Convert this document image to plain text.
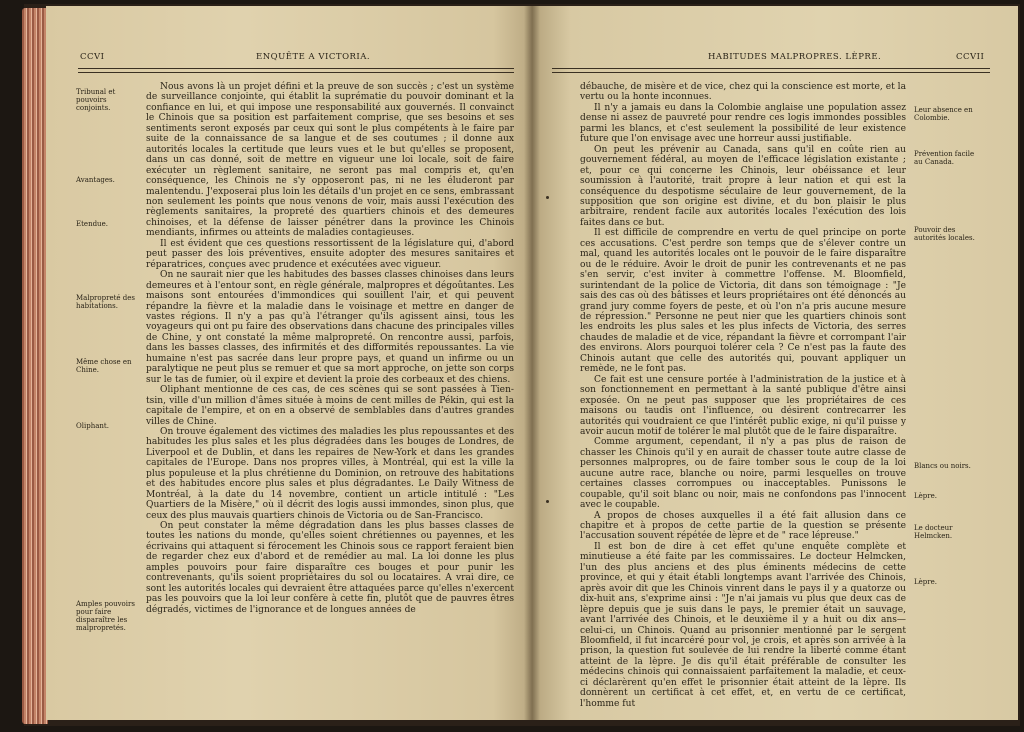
CCVI	ENQUÊTE A VICTORIA.
Tribunal et pouvoirs conjoints.
Avantages.
Etendue.
Malpropreté des habitations.
Même chose en Chine.
Oliphant.
Amples pouvoirs pour faire disparaître les malpropretés.

Nous avons là un projet défini et la preuve de son succès ; c'est un système de surveillance conjointe, qui établit la suprématie du pouvoir dominant et la confiance en lui, et qui impose une responsabilité aux gouvernés. Il convainct le Chinois que sa position est parfaitement comprise, que ses besoins et ses sentiments seront exposés par ceux qui sont le plus compétents à le faire par suite de la connaissance de sa langue et de ses coutumes ; il donne aux autorités locales la certitude que leurs vues et le but qu'elles se proposent, dans un cas donné, soit de mettre en vigueur une loi locale, soit de faire exécuter un règlement sanitaire, ne seront pas mal compris et, qu'en conséquence, les Chinois ne s'y opposeront pas, ni ne les éluderont par malentendu. J'exposerai plus loin les détails d'un projet en ce sens, embrassant non seulement les points que nous venons de voir, mais aussi l'exécution des règlements sanitaires, la propreté des quartiers chinois et des demeures chinoises, et la défense de laisser pénétrer dans la province les Chinois mendiants, infirmes ou atteints de maladies contagieuses.

Il est évident que ces questions ressortissent de la législature qui, d'abord peut passer des lois préventives, ensuite adopter des mesures sanitaires et réparatrices, conçues avec prudence et exécutées avec vigueur.

On ne saurait nier que les habitudes des basses classes chinoises dans leurs demeures et à l'entour sont, en règle générale, malpropres et dégoûtantes. Les maisons sont entourées d'immondices qui souillent l'air, et qui peuvent répandre la fièvre et la maladie dans le voisinage et mettre en danger de vastes régions. Il n'y a pas qu'à l'étranger qu'ils agissent ainsi, tous les voyageurs qui ont pu faire des observations dans chacune des principales villes de Chine, y ont constaté la même malpropreté. On rencontre aussi, parfois, dans les basses classes, des infirmités et des difformités repoussantes. La vie humaine n'est pas sacrée dans leur propre pays, et quand un infirme ou un paralytique ne peut plus se remuer et que sa mort approche, on jette son corps sur le tas de fumier, où il expire et devient la proie des corbeaux et des chiens.

Oliphant mentionne de ces cas, de ces scènes qui se sont passées à Tien-tsin, ville d'un million d'âmes située à moins de cent milles de Pékin, qui est la capitale de l'empire, et on en a observé de semblables dans d'autres grandes villes de Chine.

On trouve également des victimes des maladies les plus repoussantes et des habitudes les plus sales et les plus dégradées dans les bouges de Londres, de Liverpool et de Dublin, et dans les repaires de New-York et dans les grandes capitales de l'Europe. Dans nos propres villes, à Montréal, qui est la ville la plus populeuse et la plus chrétienne du Dominion, on retrouve des habitations et des habitudes encore plus sales et plus dégradantes. Le Daily Witness de Montréal, à la date du 14 novembre, contient un article intitulé : "Les Quartiers de la Misère," où il décrit des logis aussi immondes, sinon plus, que ceux des plus mauvais quartiers chinois de Victoria ou de San-Francisco.

On peut constater la même dégradation dans les plus basses classes de toutes les nations du monde, qu'elles soient chrétiennes ou payennes, et les écrivains qui attaquent si férocement les Chinois sous ce rapport feraient bien de regarder chez eux d'abord et de remédier au mal. La loi donne les plus amples pouvoirs pour faire disparaître ces bouges et pour punir les contrevenants, qu'ils soient propriétaires du sol ou locataires. A vrai dire, ce sont les autorités locales qui devraient être attaquées parce qu'elles n'exercent pas les pouvoirs que la loi leur confère à cette fin, plutôt que de pauvres êtres dégradés, victimes de l'ignorance et de longues années de

HABITUDES MALPROPRES. LÈPRE.	CCVII

débauche, de misère et de vice, chez qui la conscience est morte, et la vertu ou la honte inconnues.

Il n'y a jamais eu dans la Colombie anglaise une population assez dense ni assez de pauvreté pour rendre ces logis immondes possibles parmi les blancs, et c'est seulement la possibilité de leur existence future que l'on envisage avec une horreur aussi justifiable.

On peut les prévenir au Canada, sans qu'il en coûte rien au gouvernement fédéral, au moyen de l'efficace législation existante ; et, pour ce qui concerne les Chinois, leur obéissance et leur soumission à l'autorité, trait propre à leur nation et qui est la conséquence du despotisme séculaire de leur gouvernement, de la supposition que son origine est divine, et du bon plaisir le plus arbitraire, rendent facile aux autorités locales l'exécution des lois faites dans ce but.

Il est difficile de comprendre en vertu de quel principe on porte ces accusations. C'est perdre son temps que de s'élever contre un mal, quand les autorités locales ont le pouvoir de le faire disparaître ou de le réduire. Avoir le droit de punir les contrevenants et ne pas s'en servir, c'est inviter à commettre l'offense. M. Bloomfield, surintendant de la police de Victoria, dit dans son témoignage : "Je sais des cas où des bâtisses et leurs propriétaires ont été dénoncés au grand jury comme foyers de peste, et où l'on n'a pris aucune mesure de répression." Personne ne peut nier que les quartiers chinois sont les endroits les plus sales et les plus infects de Victoria, des serres chaudes de maladie et de vice, répandant la fièvre et corrompant l'air des environs. Alors pourquoi tolérer cela ? Ce n'est pas la faute des Chinois autant que celle des autorités qui, pouvant appliquer un remède, ne le font pas.

Ce fait est une censure portée à l'administration de la justice et à son fonctionnement en permettant à la santé publique d'être ainsi exposée. On ne peut pas supposer que les propriétaires de ces maisons ou taudis ont l'influence, ou désirent contrecarrer les autorités qui voudraient ce que l'intérêt public exige, ni qu'il puisse y avoir aucun motif de tolérer le mal plutôt que de le faire disparaître.

Comme argument, cependant, il n'y a pas plus de raison de chasser les Chinois qu'il y en aurait de chasser toute autre classe de personnes malpropres, ou de faire tomber sous le coup de la loi aucune autre race, blanche ou noire, parmi lesquelles on trouve certaines classes corrompues ou inacceptables. Punissons le coupable, qu'il soit blanc ou noir, mais ne confondons pas l'innocent avec le coupable.

A propos de choses auxquelles il a été fait allusion dans ce chapitre et à propos de cette partie de la question se présente l'accusation souvent répétée de lèpre et de " race lépreuse."

Il est bon de dire à cet effet qu'une enquête complète et minutieuse a été faite par les commissaires. Le docteur Helmcken, l'un des plus anciens et des plus éminents médecins de cette province, et qui y était établi longtemps avant l'arrivée des Chinois, après avoir dit que les Chinois vinrent dans le pays il y a quatorze ou dix-huit ans, s'exprime ainsi : "Je n'ai jamais vu plus que deux cas de lèpre depuis que je suis dans le pays, le premier était un sauvage, avant l'arrivée des Chinois, et le deuxième il y a huit ou dix ans—celui-ci, un Chinois. Quand au prisonnier mentionné par le sergent Bloomfield, il fut incarcéré pour vol, je crois, et après son arrivée à la prison, la question fut soulevée de lui rendre la liberté comme étant atteint de la lèpre. Je dis qu'il était préférable de consulter les médecins chinois qui connaissaient parfaitement la maladie, et ceux-ci déclarèrent qu'en effet le prisonnier était atteint de la lèpre. Ils donnèrent un certificat à cet effet, et, en vertu de ce certificat, l'homme fut

Leur absence en Colombie.
Prévention facile au Canada.
Pouvoir des autorités locales.
Blancs ou noirs.
Lèpre.
Le docteur Helmcken.
Lèpre.
